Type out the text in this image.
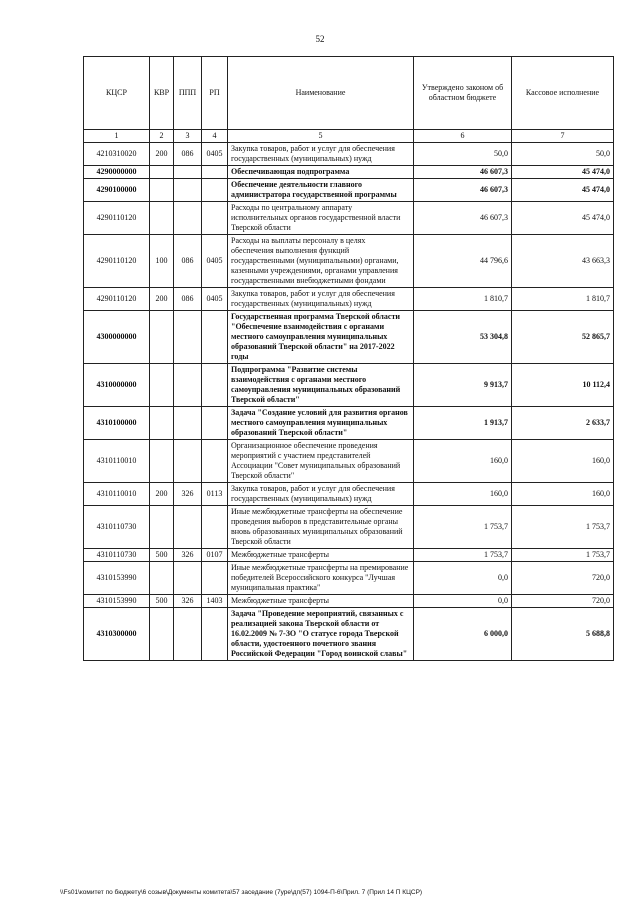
52
КЦСР	КВР	ППП	РП	Наименование	Утверждено законом об областном бюджете	Кассовое исполнение
1	2	3	4	5	6	7
4210310020	200	086	0405	Закупка товаров, работ и услуг для обеспечения государственных (муниципальных) нужд	50,0	50,0
4290000000				Обеспечивающая подпрограмма	46 607,3	45 474,0
4290100000				Обеспечение деятельности главного администратора государственной программы	46 607,3	45 474,0
4290110120				Расходы по центральному аппарату исполнительных органов государственной власти Тверской области	46 607,3	45 474,0
4290110120	100	086	0405	Расходы на выплаты персоналу в целях обеспечения выполнения функций государственными (муниципальными) органами, казенными учреждениями, органами управления государственными внебюджетными фондами	44 796,6	43 663,3
4290110120	200	086	0405	Закупка товаров, работ и услуг для обеспечения государственных (муниципальных) нужд	1 810,7	1 810,7
4300000000				Государственная программа Тверской области "Обеспечение взаимодействия с органами местного самоуправления муниципальных образований Тверской области" на 2017-2022 годы	53 304,8	52 865,7
4310000000				Подпрограмма "Развитие системы взаимодействия с органами местного самоуправления муниципальных образований Тверской области"	9 913,7	10 112,4
4310100000				Задача "Создание условий для развития органов местного самоуправления муниципальных образований Тверской области"	1 913,7	2 633,7
4310110010				Организационное обеспечение проведения мероприятий с участием представителей Ассоциации "Совет муниципальных образований Тверской области"	160,0	160,0
4310110010	200	326	0113	Закупка товаров, работ и услуг для обеспечения государственных (муниципальных) нужд	160,0	160,0
4310110730				Иные межбюджетные трансферты на обеспечение проведения выборов в представительные органы вновь образованных муниципальных образований Тверской области	1 753,7	1 753,7
4310110730	500	326	0107	Межбюджетные трансферты	1 753,7	1 753,7
4310153990				Иные межбюджетные трансферты на премирование победителей Всероссийского конкурса "Лучшая муниципальная практика"	0,0	720,0
4310153990	500	326	1403	Межбюджетные трансферты	0,0	720,0
4310300000				Задача "Проведение мероприятий, связанных с реализацией закона Тверской области от 16.02.2009 № 7-ЗО "О статусе города Тверской области, удостоенного почетного звания Российской Федерации "Город воинской славы"	6 000,0	5 688,8
\\Fs01\комитет по бюджету\6 созыв\Документы комитета\57 заседание (7уре\дп(57) 1094-П-6\Прил. 7 (Прил 14 П КЦСР)
